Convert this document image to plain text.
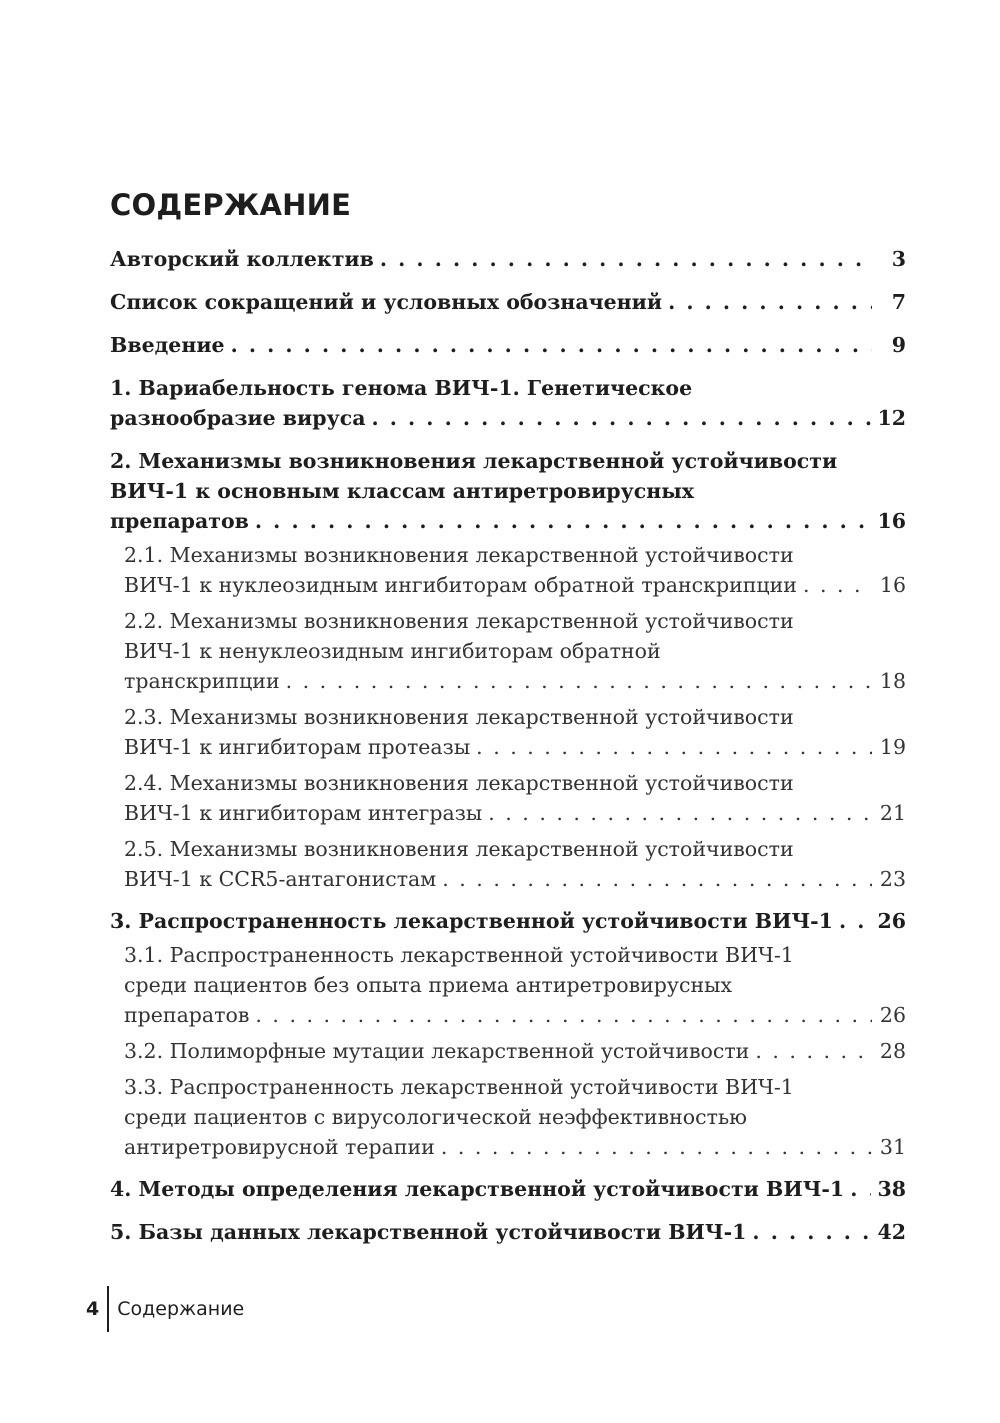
СОДЕРЖАНИЕ
Авторский коллектив . . .	3
Список сокращений и условных обозначений . . .	7
Введение . . .	9
1. Вариабельность генома ВИЧ-1. Генетическое
разнообразие вируса . . .	12
2. Механизмы возникновения лекарственной устойчивости
ВИЧ-1 к основным классам антиретровирусных
препаратов . . .	16
2.1. Механизмы возникновения лекарственной устойчивости
ВИЧ-1 к нуклеозидным ингибиторам обратной транскрипции . . .	16
2.2. Механизмы возникновения лекарственной устойчивости
ВИЧ-1 к ненуклеозидным ингибиторам обратной
транскрипции . . .	18
2.3. Механизмы возникновения лекарственной устойчивости
ВИЧ-1 к ингибиторам протеазы . . .	19
2.4. Механизмы возникновения лекарственной устойчивости
ВИЧ-1 к ингибиторам интегразы . . .	21
2.5. Механизмы возникновения лекарственной устойчивости
ВИЧ-1 к CCR5-антагонистам . . .	23
3. Распространенность лекарственной устойчивости ВИЧ-1 . . . 26
3.1. Распространенность лекарственной устойчивости ВИЧ-1
среди пациентов без опыта приема антиретровирусных
препаратов . . .	26
3.2. Полиморфные мутации лекарственной устойчивости . . .	28
3.3. Распространенность лекарственной устойчивости ВИЧ-1
среди пациентов с вирусологической неэффективностью
антиретровирусной терапии . . .	31
4. Методы определения лекарственной устойчивости ВИЧ-1 . . . 38
5. Базы данных лекарственной устойчивости ВИЧ-1 . . .	42
4 Содержание
